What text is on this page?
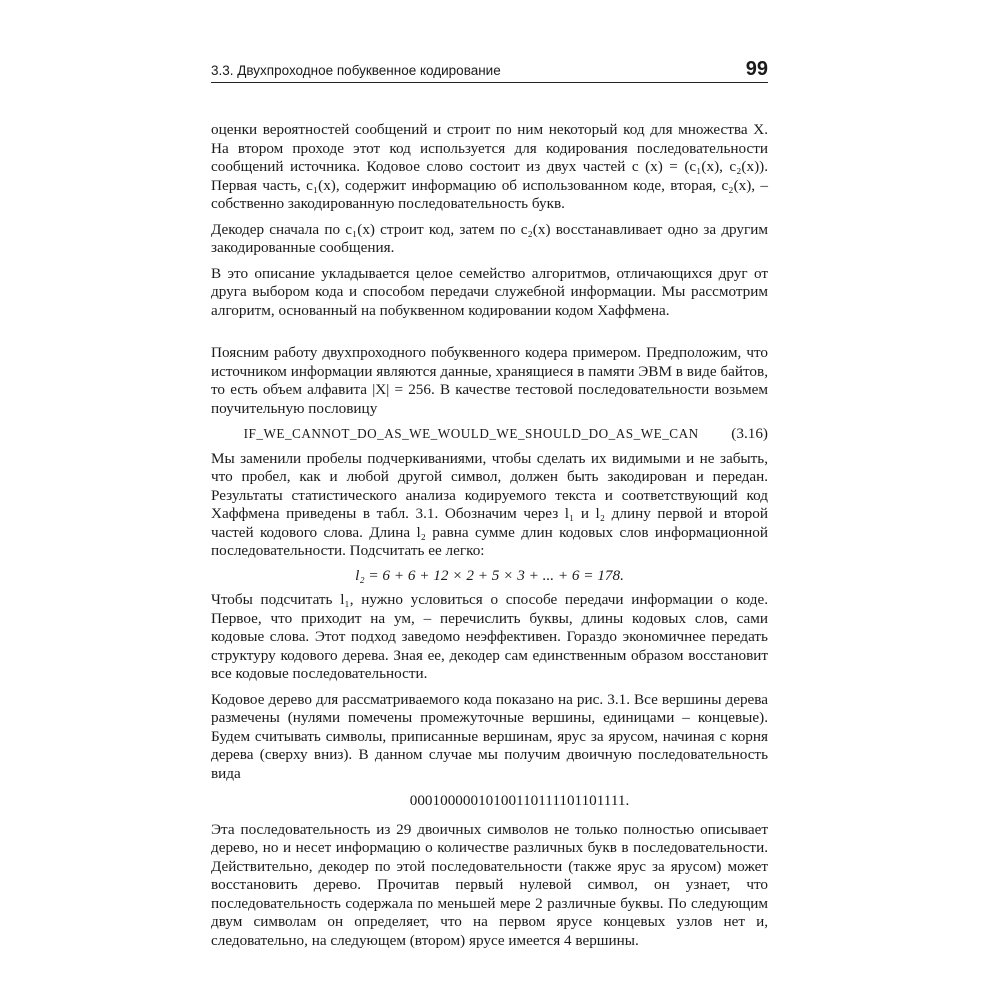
3.3. Двухпроходное побуквенное кодирование	99

оценки вероятностей сообщений и строит по ним некоторый код для множества X. На втором проходе этот код используется для кодирования последовательности сообщений источника. Кодовое слово состоит из двух частей c (x) = (c₁(x), c₂(x)). Первая часть, c₁(x), содержит информацию об использованном коде, вторая, c₂(x), – собственно закодированную последовательность букв.

Декодер сначала по c₁(x) строит код, затем по c₂(x) восстанавливает одно за другим закодированные сообщения.

В это описание укладывается целое семейство алгоритмов, отличающихся друг от друга выбором кода и способом передачи служебной информации. Мы рассмотрим алгоритм, основанный на побуквенном кодировании кодом Хаффмена.

Поясним работу двухпроходного побуквенного кодера примером. Предположим, что источником информации являются данные, хранящиеся в памяти ЭВМ в виде байтов, то есть объем алфавита |X| = 256. В качестве тестовой последовательности возьмем поучительную пословицу

IF_WE_CANNOT_DO_AS_WE_WOULD_WE_SHOULD_DO_AS_WE_CAN (3.16)

Мы заменили пробелы подчеркиваниями, чтобы сделать их видимыми и не забыть, что пробел, как и любой другой символ, должен быть закодирован и передан. Результаты статистического анализа кодируемого текста и соответствующий код Хаффмена приведены в табл. 3.1. Обозначим через l₁ и l₂ длину первой и второй частей кодового слова. Длина l₂ равна сумме длин кодовых слов информационной последовательности. Подсчитать ее легко:

l₂ = 6 + 6 + 12 × 2 + 5 × 3 + ... + 6 = 178.

Чтобы подсчитать l₁, нужно условиться о способе передачи информации о коде. Первое, что приходит на ум, – перечислить буквы, длины кодовых слов, сами кодовые слова. Этот подход заведомо неэффективен. Гораздо экономичнее передать структуру кодового дерева. Зная ее, декодер сам единственным образом восстановит все кодовые последовательности.

Кодовое дерево для рассматриваемого кода показано на рис. 3.1. Все вершины дерева размечены (нулями помечены промежуточные вершины, единицами – концевые). Будем считывать символы, приписанные вершинам, ярус за ярусом, начиная с корня дерева (сверху вниз). В данном случае мы получим двоичную последовательность вида

00010000010100110111101101111.

Эта последовательность из 29 двоичных символов не только полностью описывает дерево, но и несет информацию о количестве различных букв в последовательности. Действительно, декодер по этой последовательности (также ярус за ярусом) может восстановить дерево. Прочитав первый нулевой символ, он узнает, что последовательность содержала по меньшей мере 2 различные буквы. По следующим двум символам он определяет, что на первом ярусе концевых узлов нет и, следовательно, на следующем (втором) ярусе имеется 4 вершины.
